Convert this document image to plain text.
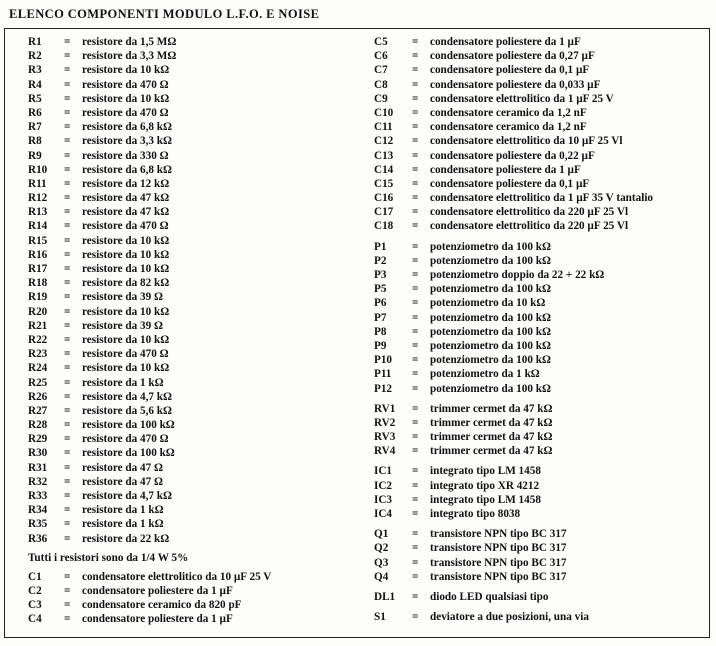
ELENCO COMPONENTI MODULO L.F.O. E NOISE
R1	=	resistore da 1,5 MΩ
R2	=	resistore da 3,3 MΩ
R3	=	resistore da 10 kΩ
R4	=	resistore da 470 Ω
R5	=	resistore da 10 kΩ
R6	=	resistore da 470 Ω
R7	=	resistore da 6,8 kΩ
R8	=	resistore da 3,3 kΩ
R9	=	resistore da 330 Ω
R10	=	resistore da 6,8 kΩ
R11	=	resistore da 12 kΩ
R12	=	resistore da 47 kΩ
R13	=	resistore da 47 kΩ
R14	=	resistore da 470 Ω
R15	=	resistore da 10 kΩ
R16	=	resistore da 10 kΩ
R17	=	resistore da 10 kΩ
R18	=	resistore da 82 kΩ
R19	=	resistore da 39 Ω
R20	=	resistore da 10 kΩ
R21	=	resistore da 39 Ω
R22	=	resistore da 10 kΩ
R23	=	resistore da 470 Ω
R24	=	resistore da 10 kΩ
R25	=	resistore da 1 kΩ
R26	=	resistore da 4,7 kΩ
R27	=	resistore da 5,6 kΩ
R28	=	resistore da 100 kΩ
R29	=	resistore da 470 Ω
R30	=	resistore da 100 kΩ
R31	=	resistore da 47 Ω
R32	=	resistore da 47 Ω
R33	=	resistore da 4,7 kΩ
R34	=	resistore da 1 kΩ
R35	=	resistore da 1 kΩ
R36	=	resistore da 22 kΩ
Tutti i resistori sono da 1/4 W 5%
C1	=	condensatore elettrolitico da 10 µF 25 V
C2	=	condensatore poliestere da 1 µF
C3	=	condensatore ceramico da 820 pF
C4	=	condensatore poliestere da 1 µF
C5	=	condensatore poliestere da 1 µF
C6	=	condensatore poliestere da 0,27 µF
C7	=	condensatore poliestere da 0,1 µF
C8	=	condensatore poliestere da 0,033 µF
C9	=	condensatore elettrolitico da 1 µF 25 V
C10	=	condensatore ceramico da 1,2 nF
C11	=	condensatore ceramico da 1,2 nF
C12	=	condensatore elettrolitico da 10 µF 25 Vl
C13	=	condensatore poliestere da 0,22 µF
C14	=	condensatore poliestere da 1 µF
C15	=	condensatore poliestere da 0,1 µF
C16	=	condensatore elettrolitico da 1 µF 35 V tantalio
C17	=	condensatore elettrolitico da 220 µF 25 Vl
C18	=	condensatore elettrolitico da 220 µF 25 Vl
P1	=	potenziometro da 100 kΩ
P2	=	potenziometro da 100 kΩ
P3	=	potenziometro doppio da 22 + 22 kΩ
P5	=	potenziometro da 100 kΩ
P6	=	potenziometro da 10 kΩ
P7	=	potenziometro da 100 kΩ
P8	=	potenziometro da 100 kΩ
P9	=	potenziometro da 100 kΩ
P10	=	potenziometro da 100 kΩ
P11	=	potenziometro da 1 kΩ
P12	=	potenziometro da 100 kΩ
RV1	=	trimmer cermet da 47 kΩ
RV2	=	trimmer cermet da 47 kΩ
RV3	=	trimmer cermet da 47 kΩ
RV4	=	trimmer cermet da 47 kΩ
IC1	=	integrato tipo LM 1458
IC2	=	integrato tipo XR 4212
IC3	=	integrato tipo LM 1458
IC4	=	integrato tipo 8038
Q1	=	transistore NPN tipo BC 317
Q2	=	transistore NPN tipo BC 317
Q3	=	transistore NPN tipo BC 317
Q4	=	transistore NPN tipo BC 317
DL1	=	diodo LED qualsiasi tipo
S1	=	deviatore a due posizioni, una via
